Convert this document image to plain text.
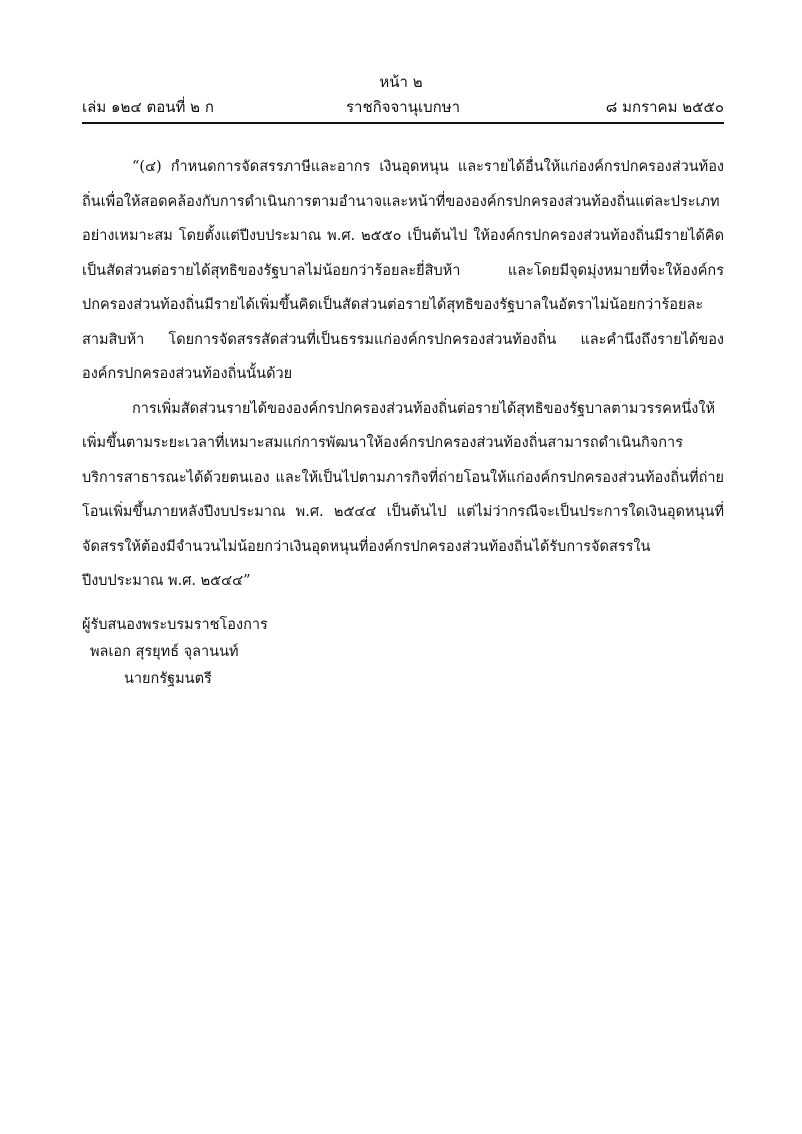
หน้า ๒
ราชกิจจานุเบกษา
เล่ม ๑๒๔ ตอนที่ ๒ ก	๘ มกราคม ๒๕๕๐

“(๔) กำหนดการจัดสรรภาษีและอากร เงินอุดหนุน และรายได้อื่นให้แก่องค์กรปกครองส่วนท้องถิ่นเพื่อให้สอดคล้องกับการดำเนินการตามอำนาจและหน้าที่ขององค์กรปกครองส่วนท้องถิ่นแต่ละประเภทอย่างเหมาะสม โดยตั้งแต่ปีงบประมาณ พ.ศ. ๒๕๕๐ เป็นต้นไป ให้องค์กรปกครองส่วนท้องถิ่นมีรายได้คิดเป็นสัดส่วนต่อรายได้สุทธิของรัฐบาลไม่น้อยกว่าร้อยละยี่สิบห้า และโดยมีจุดมุ่งหมายที่จะให้องค์กรปกครองส่วนท้องถิ่นมีรายได้เพิ่มขึ้นคิดเป็นสัดส่วนต่อรายได้สุทธิของรัฐบาลในอัตราไม่น้อยกว่าร้อยละสามสิบห้า โดยการจัดสรรสัดส่วนที่เป็นธรรมแก่องค์กรปกครองส่วนท้องถิ่น และคำนึงถึงรายได้ขององค์กรปกครองส่วนท้องถิ่นนั้นด้วย

การเพิ่มสัดส่วนรายได้ขององค์กรปกครองส่วนท้องถิ่นต่อรายได้สุทธิของรัฐบาลตามวรรคหนึ่งให้เพิ่มขึ้นตามระยะเวลาที่เหมาะสมแก่การพัฒนาให้องค์กรปกครองส่วนท้องถิ่นสามารถดำเนินกิจการบริการสาธารณะได้ด้วยตนเอง และให้เป็นไปตามภารกิจที่ถ่ายโอนให้แก่องค์กรปกครองส่วนท้องถิ่นที่ถ่ายโอนเพิ่มขึ้นภายหลังปีงบประมาณ พ.ศ. ๒๕๔๔ เป็นต้นไป แต่ไม่ว่ากรณีจะเป็นประการใดเงินอุดหนุนที่จัดสรรให้ต้องมีจำนวนไม่น้อยกว่าเงินอุดหนุนที่องค์กรปกครองส่วนท้องถิ่นได้รับการจัดสรรในปีงบประมาณ พ.ศ. ๒๕๔๔”

ผู้รับสนองพระบรมราชโองการ
พลเอก สุรยุทธ์ จุลานนท์
นายกรัฐมนตรี
